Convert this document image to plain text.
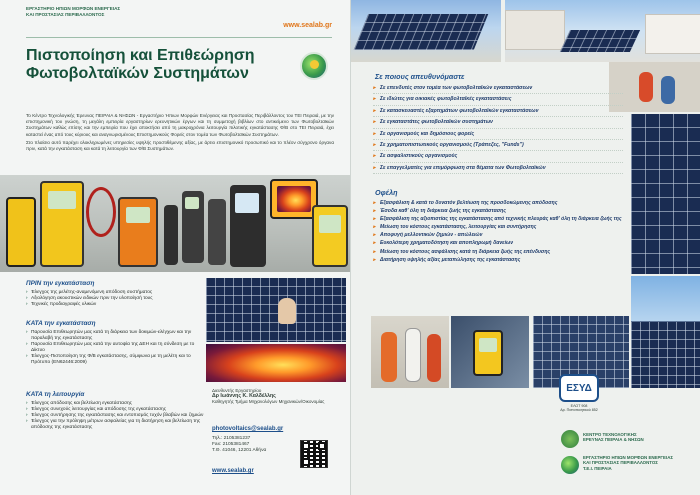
ΕΡΓΑΣΤΗΡΙΟ ΗΠΙΩΝ ΜΟΡΦΩΝ ΕΝΕΡΓΕΙΑΣ
ΚΑΙ ΠΡΟΣΤΑΣΙΑΣ ΠΕΡΙΒΑΛΛΟΝΤΟΣ
www.sealab.gr
Πιστοποίηση και Επιθεώρηση
Φωτοβολταϊκών Συστημάτων

Το Κέντρο Τεχνολογικής Έρευνας ΠΕΙΡΑΙΑ & ΝΗΣΩΝ - Εργαστήριο Ήπιων Μορφών Ενέργειας και Προστασίας Περιβάλλοντος του ΤΕΙ Πειραιά, με την επιστημονική του γνώση, τη μεγάλη εμπειρία εργαστηρίων ερευνητικών έργων και τη συμμετοχή βιβλίων στο αντικείμενο των Φωτοβολταϊκών Συστημάτων καθώς επίσης και την εμπειρία που έχει αποκτήσει από τη μακροχρόνια λειτουργία πιλοτικής εγκατάστασης Φ/Β στο ΤΕΙ Πειραιά, έχει καταστεί ένας από τους κύριους και αναγνωρισμένους Επιστημονικούς Φορείς στον τομέα των Φωτοβολταϊκών Συστημάτων.

Στο πλαίσιο αυτό παρέχει ολοκληρωμένες υπηρεσίες υψηλής προστιθέμενης αξίας, με άρτιο επιστημονικό προσωπικό και το πλέον σύγχρονο όργανα πριν, κατά την εγκατάσταση και κατά τη λειτουργία των Φ/Β Συστημάτων.

ΠΡΙΝ την εγκατάσταση
› Έλεγχος της μελέτης-αναμενόμενη απόδοση συστήματος
› Αξιολόγηση ακουστικών ειδικών πριν την υλοποίησή τους
› Τεχνικές προδιαγραφές υλικών
ΚΑΤΑ την εγκατάσταση
› Παρουσία Επιθεωρητών μας κατά τη διάρκεια των δοκιμών-ελέγχων και την παραλαβή της εγκατάστασης
› Παρουσία Επιθεωρητών μας κατά την αυτοψία της ΔΕΗ και τη σύνδεση με το Δίκτυο
› Έλεγχος-Πιστοποίηση της Φ/Β εγκατάστασης, σύμφωνα με τη μελέτη και το Πρότυπο (EN62446:2009)
ΚΑΤΑ τη λειτουργία
› Έλεγχος απόδοσης και βελτίωση εγκατάστασης
› Έλεγχος συνεχούς λειτουργίας και απόδοσης της εγκατάστασης
› Έλεγχος συντήρησης της εγκατάστασης και εντοπισμός τυχόν βλαβών και ζημιών
› Έλεγχος για την πρόληψη μέτρων ασφαλείας για τη διατήρηση και βελτίωση της απόδοσης της εγκατάστασης
Διευθυντής Εργαστηρίου
Δρ Ιωάννης Κ. Καλδέλλης
Καθηγητής Τμήμα Μηχανολόγων Μηχανικών/Οικονομίας
photovoltaics@sealab.gr
Τηλ.: 2105381237
Fax: 2105381467
Τ.Θ. 41046, 12201 Αθήνα
www.sealab.gr
Σε ποιους απευθυνόμαστε
▸ Σε επενδυτές στον τομέα των φωτοβολταϊκών εγκαταστάσεων
▸ Σε ιδιώτες για οικιακές φωτοβολταϊκές εγκαταστάσεις
▸ Σε κατασκευαστές εξαρτημάτων φωτοβολταϊκών εγκαταστάσεων
▸ Σε εγκαταστάτες φωτοβολταϊκών συστημάτων
▸ Σε οργανισμούς και δημόσιους φορείς
▸ Σε χρηματοπιστωτικούς οργανισμούς (Τράπεζες, "Funds")
▸ Σε ασφαλιστικούς οργανισμούς
▸ Σε επαγγελματίες για επιμόρφωση στα θέματα των Φωτοβολταϊκών
Οφέλη
▸ Εξασφάλιση & κατά το δυνατόν βελτίωση της προσδοκώμενης απόδοσης
▸ Έσοδα καθ' όλη τη διάρκεια ζωής της εγκατάστασης
▸ Εξασφάλιση της αξιοπιστίας της εγκατάστασης από τεχνικής πλευράς καθ' όλη τη διάρκεια ζωής της
▸ Μείωση του κόστους εγκατάστασης, λειτουργίας και συντήρησης
▸ Αποφυγή μελλοντικών ζημιών - απώλειών
▸ Ευκολότερη χρηματοδότηση και αποπληρωμή δανείων
▸ Μείωση του κόστους ασφάλισης κατά τη διάρκεια ζωής της επένδυσης
▸ Διατήρηση υψηλής αξίας μεταπώλησης της εγκατάστασης
ΕΣΥΔ
ΕΛΟΤ 908
Αρ. Πιστοποιητικού 852
ΚΕΝΤΡΟ ΤΕΧΝΟΛΟΓΙΚΗΣ
ΕΡΕΥΝΑΣ ΠΕΙΡΑΙΑ & ΝΗΣΩΝ
ΕΡΓΑΣΤΗΡΙΟ ΗΠΙΩΝ ΜΟΡΦΩΝ ΕΝΕΡΓΕΙΑΣ
ΚΑΙ ΠΡΟΣΤΑΣΙΑΣ ΠΕΡΙΒΑΛΛΟΝΤΟΣ
Τ.Ε.Ι. ΠΕΙΡΑΙΑ
